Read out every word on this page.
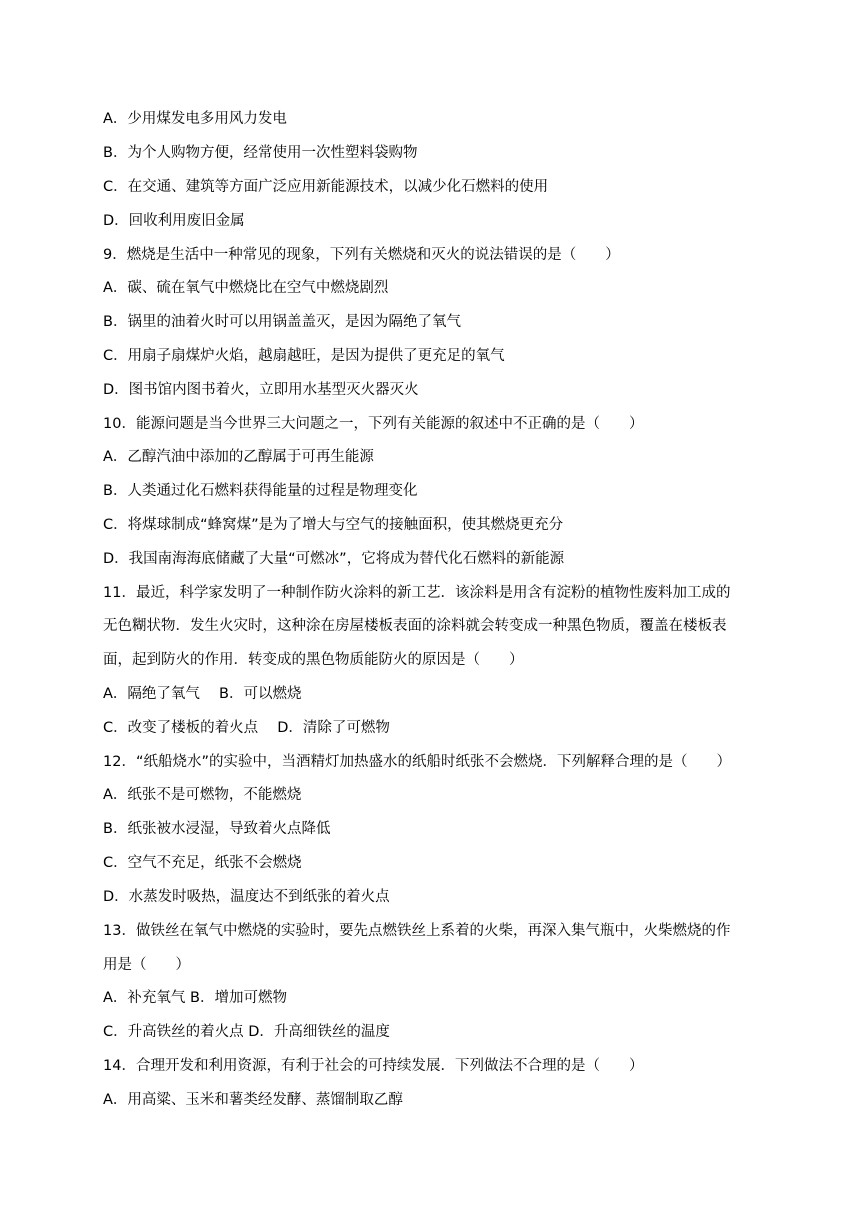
A．少用煤发电多用风力发电
B．为个人购物方便，经常使用一次性塑料袋购物
C．在交通、建筑等方面广泛应用新能源技术，以减少化石燃料的使用
D．回收利用废旧金属
9．燃烧是生活中一种常见的现象，下列有关燃烧和灭火的说法错误的是（　　）
A．碳、硫在氧气中燃烧比在空气中燃烧剧烈
B．锅里的油着火时可以用锅盖盖灭，是因为隔绝了氧气
C．用扇子扇煤炉火焰，越扇越旺，是因为提供了更充足的氧气
D．图书馆内图书着火，立即用水基型灭火器灭火
10．能源问题是当今世界三大问题之一，下列有关能源的叙述中不正确的是（　　）
A．乙醇汽油中添加的乙醇属于可再生能源
B．人类通过化石燃料获得能量的过程是物理变化
C．将煤球制成“蜂窝煤”是为了增大与空气的接触面积，使其燃烧更充分
D．我国南海海底储藏了大量“可燃冰”，它将成为替代化石燃料的新能源
11．最近，科学家发明了一种制作防火涂料的新工艺．该涂料是用含有淀粉的植物性废料加工成的
无色糊状物．发生火灾时，这种涂在房屋楼板表面的涂料就会转变成一种黑色物质，覆盖在楼板表
面，起到防火的作用．转变成的黑色物质能防火的原因是（　　）
A．隔绝了氧气　 B．可以燃烧
C．改变了楼板的着火点　 D．清除了可燃物
12．“纸船烧水”的实验中，当酒精灯加热盛水的纸船时纸张不会燃烧．下列解释合理的是（　　）
A．纸张不是可燃物，不能燃烧
B．纸张被水浸湿，导致着火点降低
C．空气不充足，纸张不会燃烧
D．水蒸发时吸热，温度达不到纸张的着火点
13．做铁丝在氧气中燃烧的实验时，要先点燃铁丝上系着的火柴，再深入集气瓶中，火柴燃烧的作
用是（　　）
A．补充氧气 B．增加可燃物
C．升高铁丝的着火点 D．升高细铁丝的温度
14．合理开发和利用资源，有利于社会的可持续发展．下列做法不合理的是（　　）
A．用高粱、玉米和薯类经发酵、蒸馏制取乙醇
